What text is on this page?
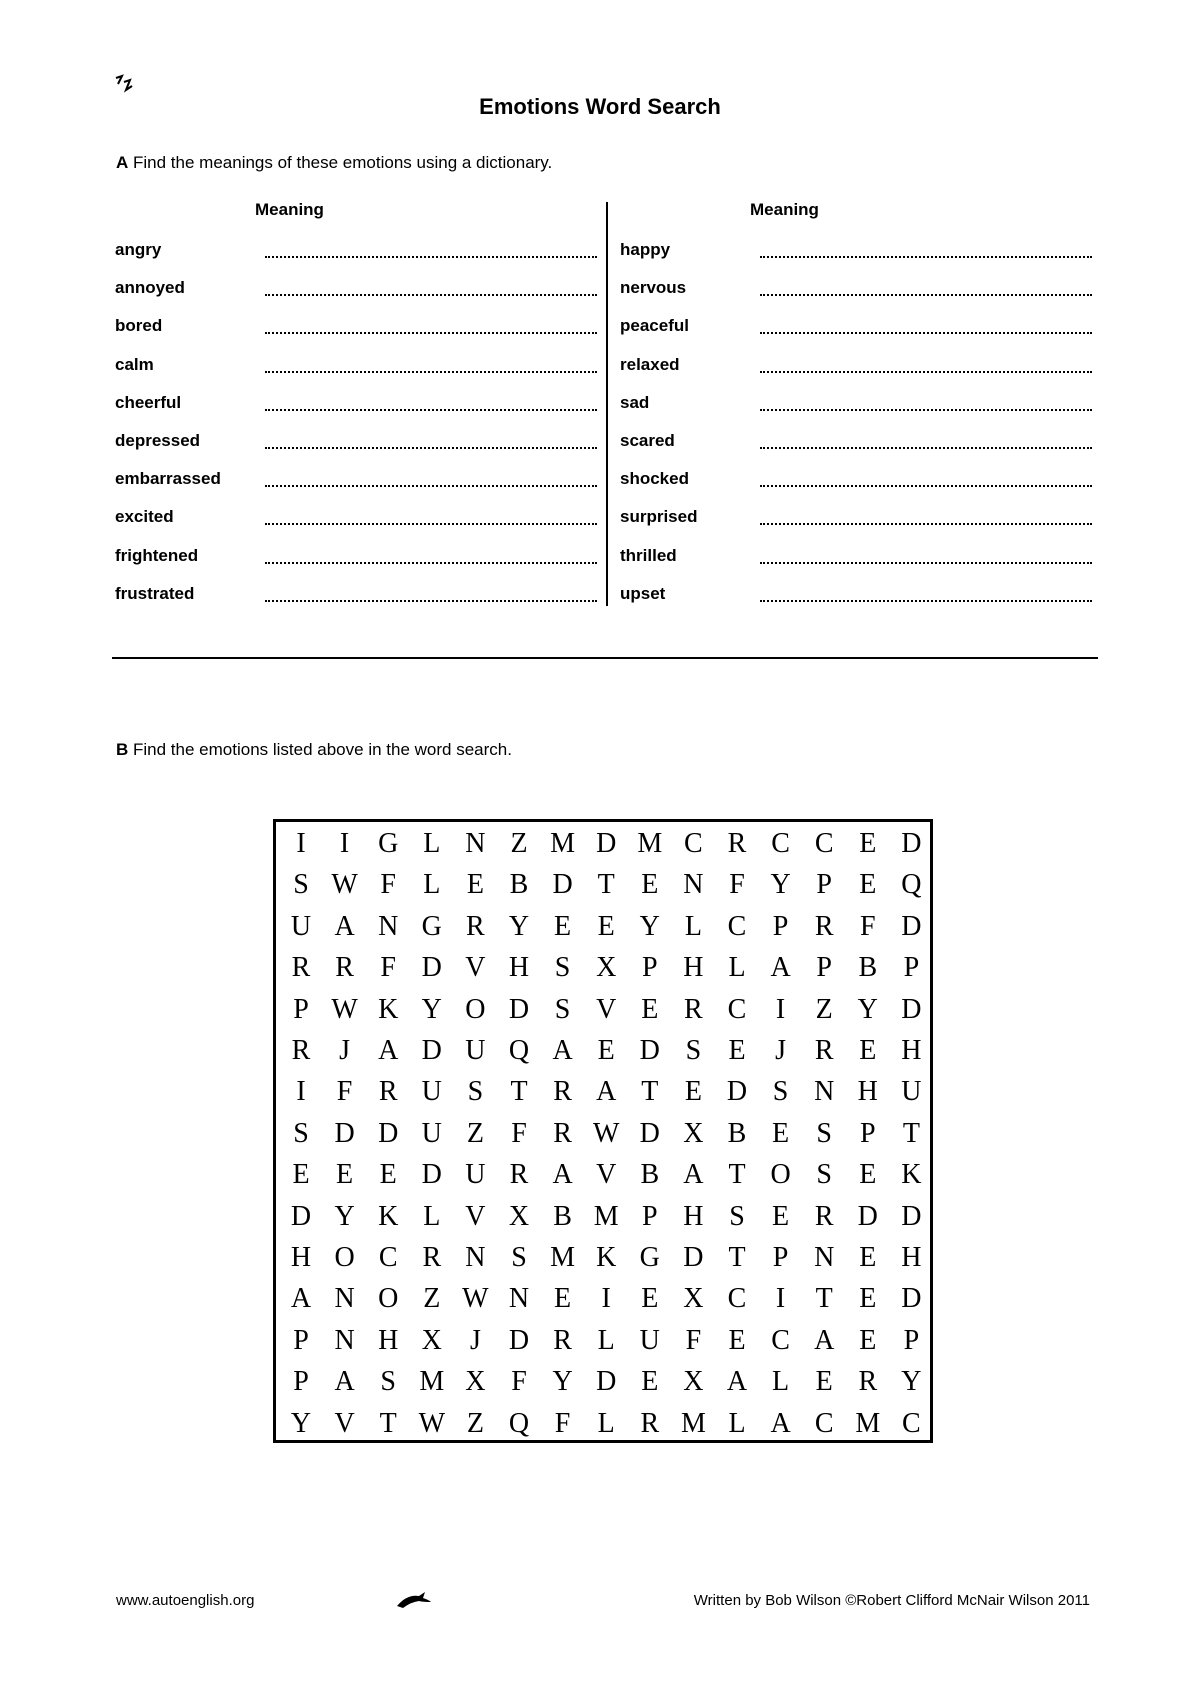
Emotions Word Search
A Find the meanings of these emotions using a dictionary.
Meaning
angry
annoyed
bored
calm
cheerful
depressed
embarrassed
excited
frightened
frustrated
Meaning
happy
nervous
peaceful
relaxed
sad
scared
shocked
surprised
thrilled
upset
B Find the emotions listed above in the word search.
I	I	G L N Z M D M C R C C E D
S W F L E B D T E N F Y P E Q
U A N G R Y E E Y L C P R F D
R R F D V H S X P H L A P B P
P W K Y O D S V E R C	I	Z Y D
R	J	A D U Q A E D S E	J	R E H
I	F R U S T R A T E D S N H U
S D D U Z F R W D X B E S	P T
E E E D U R A V B A T O S E K
D Y K L V X B M P H S E R D D
H O C R N S M K G D T P N E H
A N O Z W N E	I	E X C	I	T E D
P N H X	J	D R L U F E C A E P
P A S M X F Y D E X A L E R Y
Y V T W Z Q F L R M L A C M C
www.autoenglish.org	Written by Bob Wilson ©Robert Clifford McNair Wilson 2011
